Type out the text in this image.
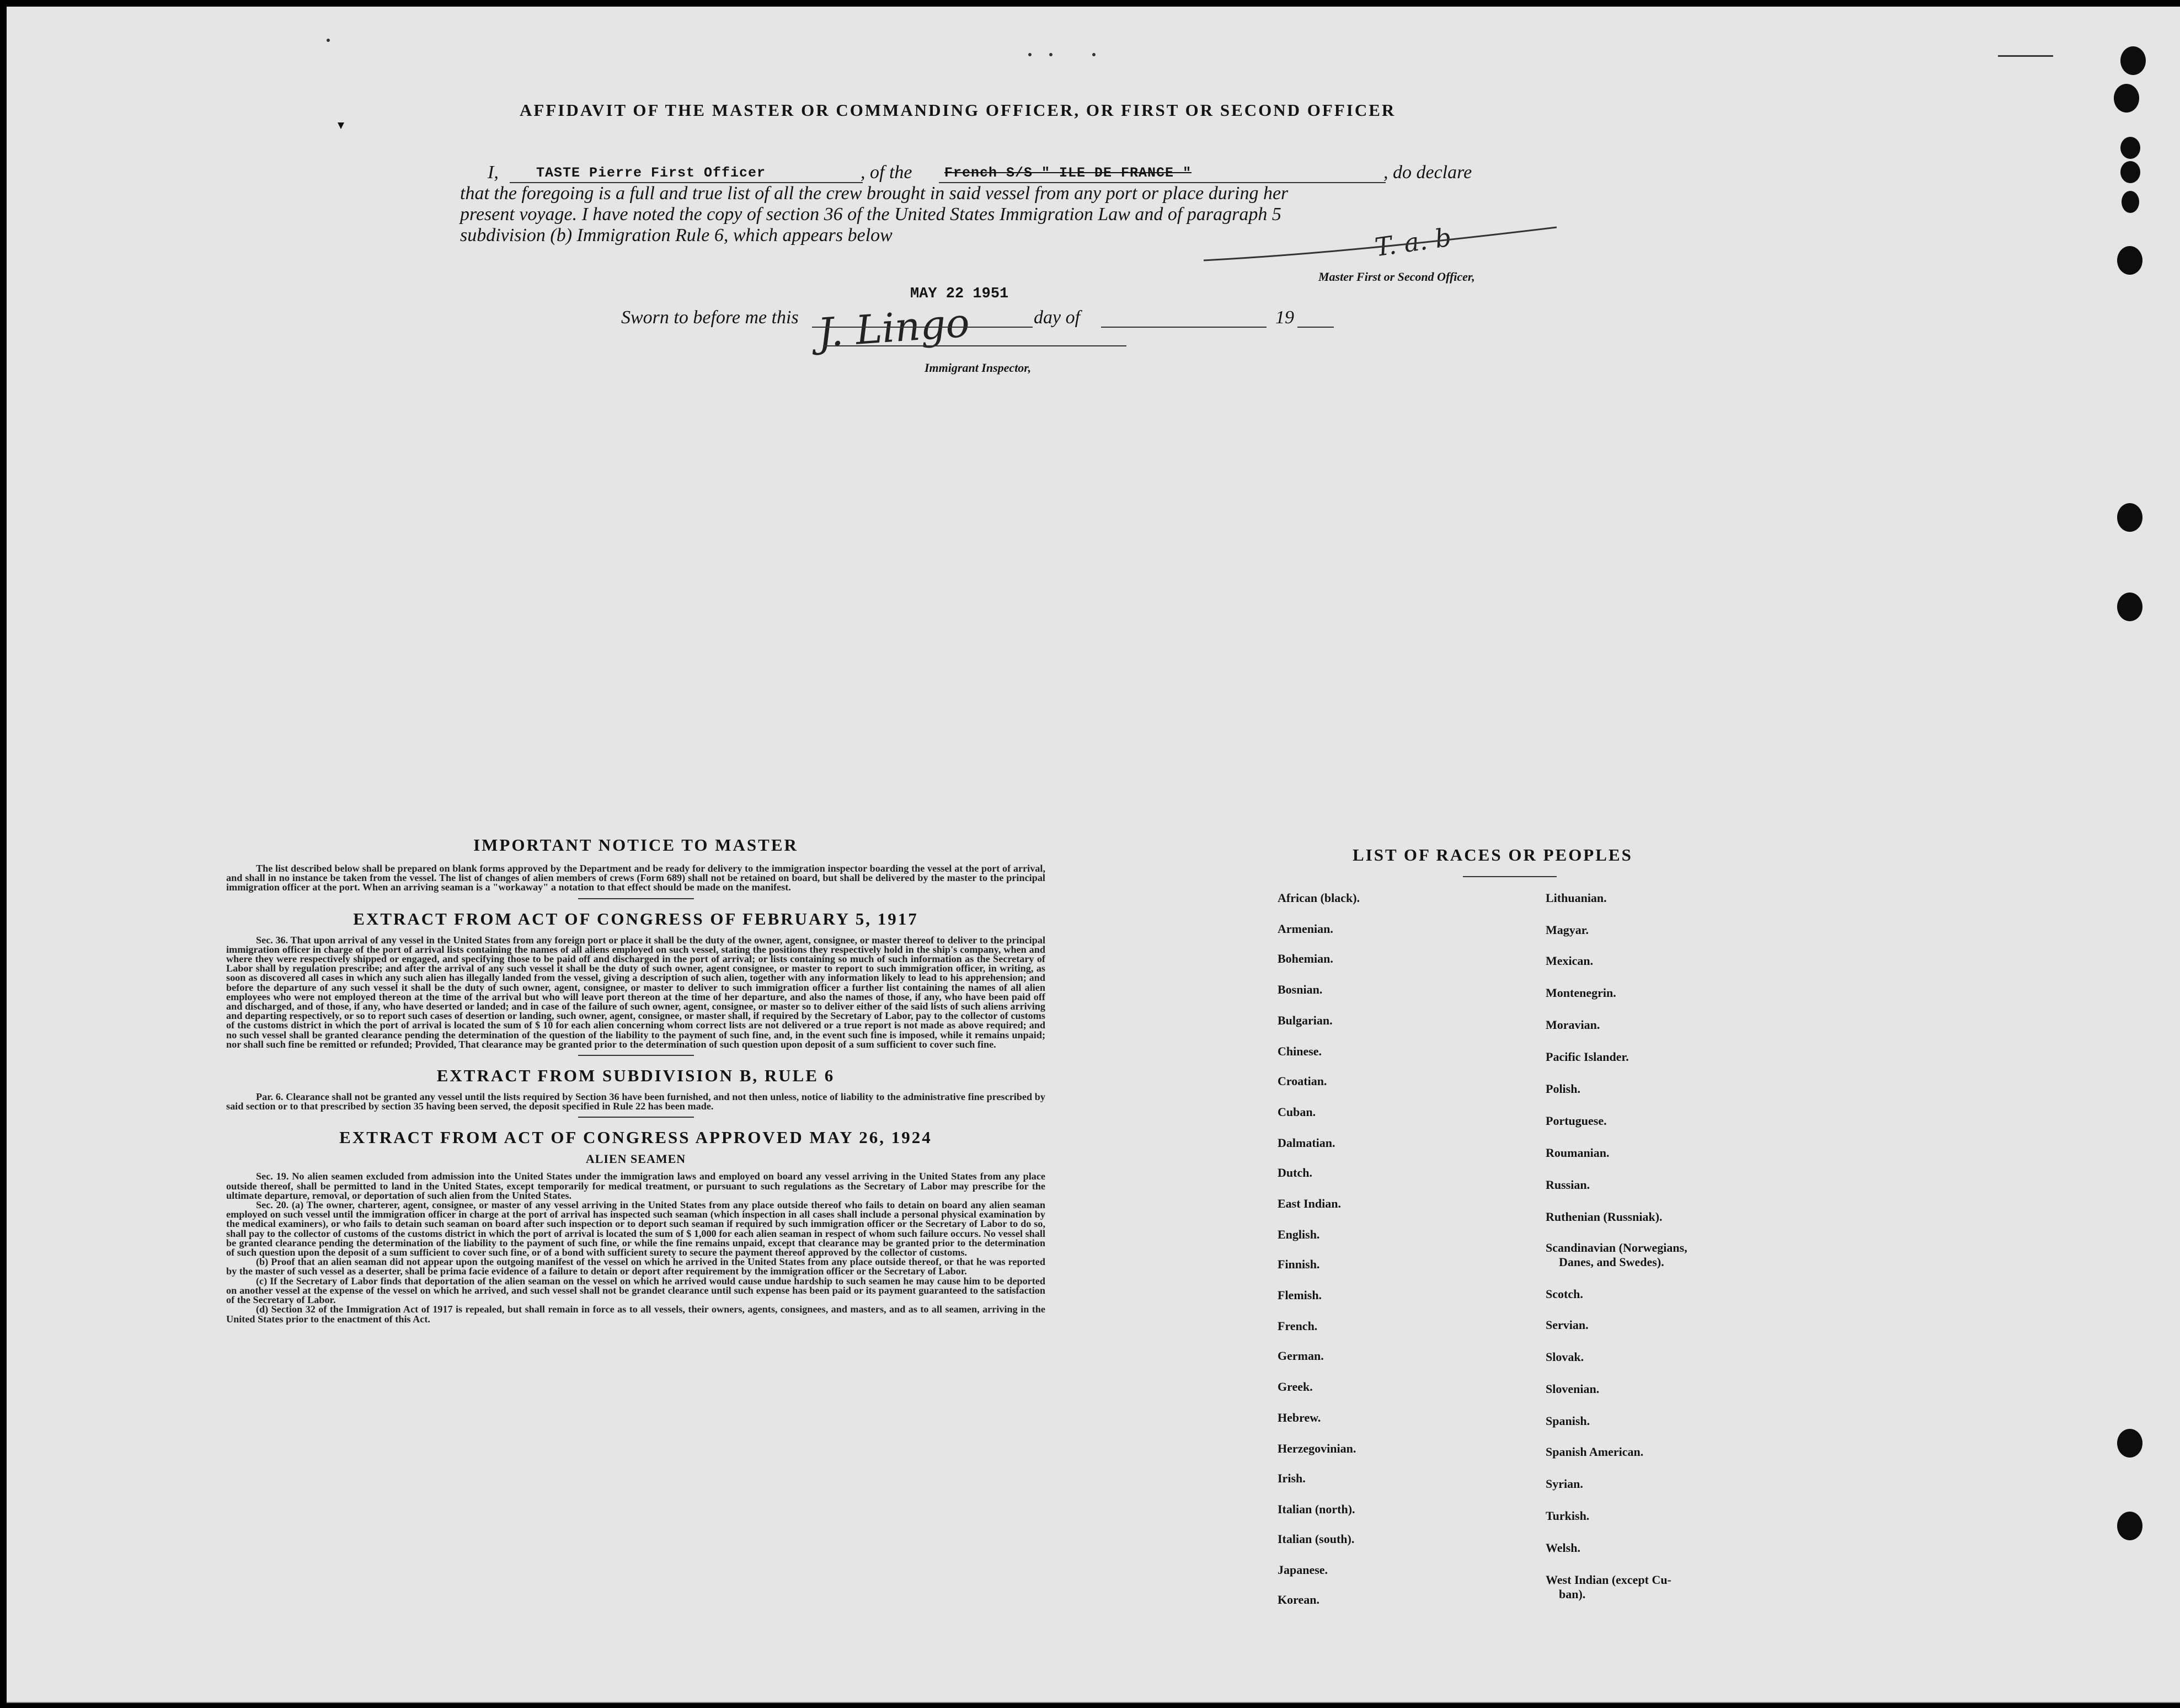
AFFIDAVIT OF THE MASTER OR COMMANDING OFFICER, OR FIRST OR SECOND OFFICER
I,	TASTE Pierre First Officer	, of the French S/S " ILE DE FRANCE "	, do declare
that the foregoing is a full and true list of all the crew brought in said vessel from any port or place during her
present voyage. I have noted the copy of section 36 of the United States Immigration Law and of paragraph 5
subdivision (b) Immigration Rule 6, which appears below	T. a. b
Master First or Second Officer,
MAY 22 1951
Sworn to before me this J. Lingo	day of	19
Immigrant Inspector,

IMPORTANT NOTICE TO MASTER

The list described below shall be prepared on blank forms approved by the Department and be ready for delivery to the immigration inspector boarding the vessel at the port of arrival, and shall in no instance be taken from the vessel. The list of changes of alien members of crews (Form 689) shall not be retained on board, but shall be delivered by the master to the principal immigration officer at the port. When an arriving seaman is a "workaway" a notation to that effect should be made on the manifest.

EXTRACT FROM ACT OF CONGRESS OF FEBRUARY 5, 1917

Sec. 36. That upon arrival of any vessel in the United States from any foreign port or place it shall be the duty of the owner, agent, consignee, or master thereof to deliver to the principal immigration officer in charge of the port of arrival lists containing the names of all aliens employed on such vessel, stating the positions they respectively hold in the ship's company, when and where they were respectively shipped or engaged, and specifying those to be paid off and discharged in the port of arrival; or lists containing so much of such information as the Secretary of Labor shall by regulation prescribe; and after the arrival of any such vessel it shall be the duty of such owner, agent consignee, or master to report to such immigration officer, in writing, as soon as discovered all cases in which any such alien has illegally landed from the vessel, giving a description of such alien, together with any information likely to lead to his apprehension; and before the departure of any such vessel it shall be the duty of such owner, agent, consignee, or master to deliver to such immigration officer a further list containing the names of all alien employees who were not employed thereon at the time of the arrival but who will leave port thereon at the time of her departure, and also the names of those, if any, who have been paid off and discharged, and of those, if any, who have deserted or landed; and in case of the failure of such owner, agent, consignee, or master so to deliver either of the said lists of such aliens arriving and departing respectively, or so to report such cases of desertion or landing, such owner, agent, consignee, or master shall, if required by the Secretary of Labor, pay to the collector of customs of the customs district in which the port of arrival is located the sum of $ 10 for each alien concerning whom correct lists are not delivered or a true report is not made as above required; and no such vessel shall be granted clearance pending the determination of the question of the liability to the payment of such fine, and, in the event such fine is imposed, while it remains unpaid; nor shall such fine be remitted or refunded; Provided, That clearance may be granted prior to the determination of such question upon deposit of a sum sufficient to cover such fine.

EXTRACT FROM SUBDIVISION B, RULE 6

Par. 6. Clearance shall not be granted any vessel until the lists required by Section 36 have been furnished, and not then unless, notice of liability to the administrative fine prescribed by said section or to that prescribed by section 35 having been served, the deposit specified in Rule 22 has been made.

EXTRACT FROM ACT OF CONGRESS APPROVED MAY 26, 1924

ALIEN SEAMEN

Sec. 19. No alien seamen excluded from admission into the United States under the immigration laws and employed on board any vessel arriving in the United States from any place outside thereof, shall be permitted to land in the United States, except temporarily for medical treatment, or pursuant to such regulations as the Secretary of Labor may prescribe for the ultimate departure, removal, or deportation of such alien from the United States.

Sec. 20. (a) The owner, charterer, agent, consignee, or master of any vessel arriving in the United States from any place outside thereof who fails to detain on board any alien seaman employed on such vessel until the immigration officer in charge at the port of arrival has inspected such seaman (which inspection in all cases shall include a personal physical examination by the medical examiners), or who fails to detain such seaman on board after such inspection or to deport such seaman if required by such immigration officer or the Secretary of Labor to do so, shall pay to the collector of customs of the customs district in which the port of arrival is located the sum of $ 1,000 for each alien seaman in respect of whom such failure occurs. No vessel shall be granted clearance pending the determination of the liability to the payment of such fine, or while the fine remains unpaid, except that clearance may be granted prior to the determination of such question upon the deposit of a sum sufficient to cover such fine, or of a bond with sufficient surety to secure the payment thereof approved by the collector of customs.

(b) Proof that an alien seaman did not appear upon the outgoing manifest of the vessel on which he arrived in the United States from any place outside thereof, or that he was reported by the master of such vessel as a deserter, shall be prima facie evidence of a failure to detain or deport after requirement by the immigration officer or the Secretary of Labor.

(c) If the Secretary of Labor finds that deportation of the alien seaman on the vessel on which he arrived would cause undue hardship to such seamen he may cause him to be deported on another vessel at the expense of the vessel on which he arrived, and such vessel shall not be grandet clearance until such expense has been paid or its payment guaranteed to the satisfaction of the Secretary of Labor.

(d) Section 32 of the Immigration Act of 1917 is repealed, but shall remain in force as to all vessels, their owners, agents, consignees, and masters, and as to all seamen, arriving in the United States prior to the enactment of this Act.

LIST OF RACES OR PEOPLES
African (black).
Armenian.
Bohemian.
Bosnian.
Bulgarian.
Chinese.
Croatian.
Cuban.
Dalmatian.
Dutch.
East Indian.
English.
Finnish.
Flemish.
French.
German.
Greek.
Hebrew.
Herzegovinian.
Irish.
Italian (north).
Italian (south).
Japanese.
Korean.
Lithuanian.
Magyar.
Mexican.
Montenegrin.
Moravian.
Pacific Islander.
Polish.
Portuguese.
Roumanian.
Russian.
Ruthenian (Russniak).
Scandinavian (Norwegians,
Danes, and Swedes).
Scotch.
Servian.
Slovak.
Slovenian.
Spanish.
Spanish American.
Syrian.
Turkish.
Welsh.
West Indian (except Cu-
ban).
